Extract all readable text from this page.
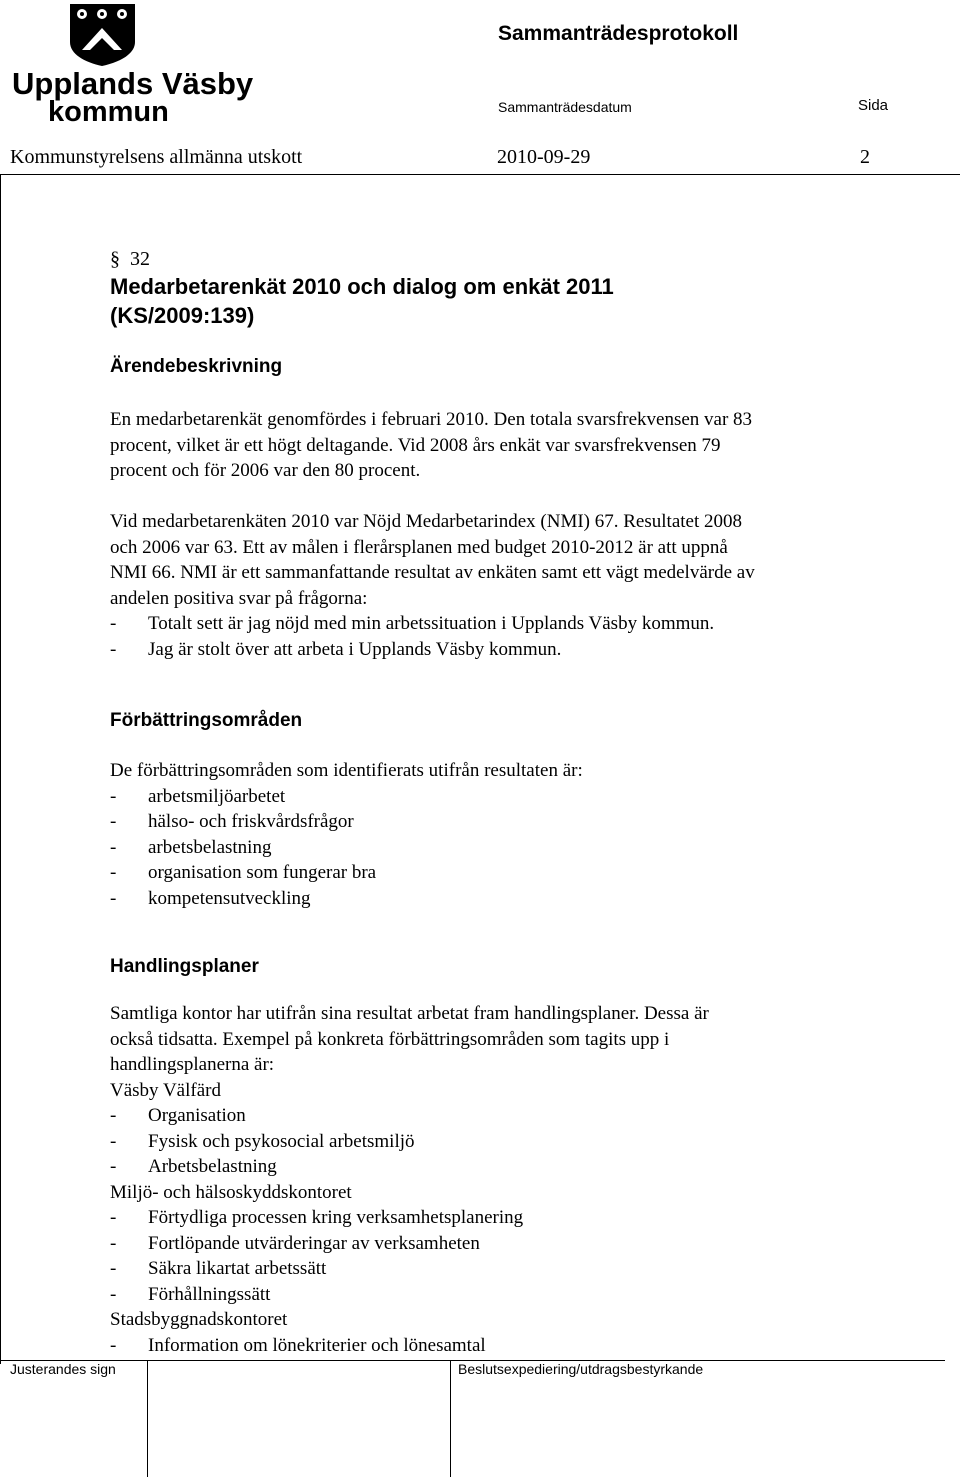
Upplands Väsby
kommun
Sammanträdesprotokoll
Sammanträdesdatum	Sida
Kommunstyrelsens allmänna utskott	2010-09-29	2
§ 32
Medarbetarenkät 2010 och dialog om enkät 2011
(KS/2009:139)
Ärendebeskrivning
En medarbetarenkät genomfördes i februari 2010. Den totala svarsfrekvensen var 83
procent, vilket är ett högt deltagande. Vid 2008 års enkät var svarsfrekvensen 79
procent och för 2006 var den 80 procent.
Vid medarbetarenkäten 2010 var Nöjd Medarbetarindex (NMI) 67. Resultatet 2008
och 2006 var 63. Ett av målen i flerårsplanen med budget 2010-2012 är att uppnå
NMI 66. NMI är ett sammanfattande resultat av enkäten samt ett vägt medelvärde av
andelen positiva svar på frågorna:
- Totalt sett är jag nöjd med min arbetssituation i Upplands Väsby kommun.
- Jag är stolt över att arbeta i Upplands Väsby kommun.
Förbättringsområden
De förbättringsområden som identifierats utifrån resultaten är:
- arbetsmiljöarbetet
- hälso- och friskvårdsfrågor
- arbetsbelastning
- organisation som fungerar bra
- kompetensutveckling
Handlingsplaner
Samtliga kontor har utifrån sina resultat arbetat fram handlingsplaner. Dessa är
också tidsatta. Exempel på konkreta förbättringsområden som tagits upp i
handlingsplanerna är:
Väsby Välfärd
- Organisation
- Fysisk och psykosocial arbetsmiljö
- Arbetsbelastning
Miljö- och hälsoskyddskontoret
- Förtydliga processen kring verksamhetsplanering
- Fortlöpande utvärderingar av verksamheten
- Säkra likartat arbetssätt
- Förhållningssätt
Stadsbyggnadskontoret
- Information om lönekriterier och lönesamtal
Justerandes sign	Beslutsexpediering/utdragsbestyrkande
